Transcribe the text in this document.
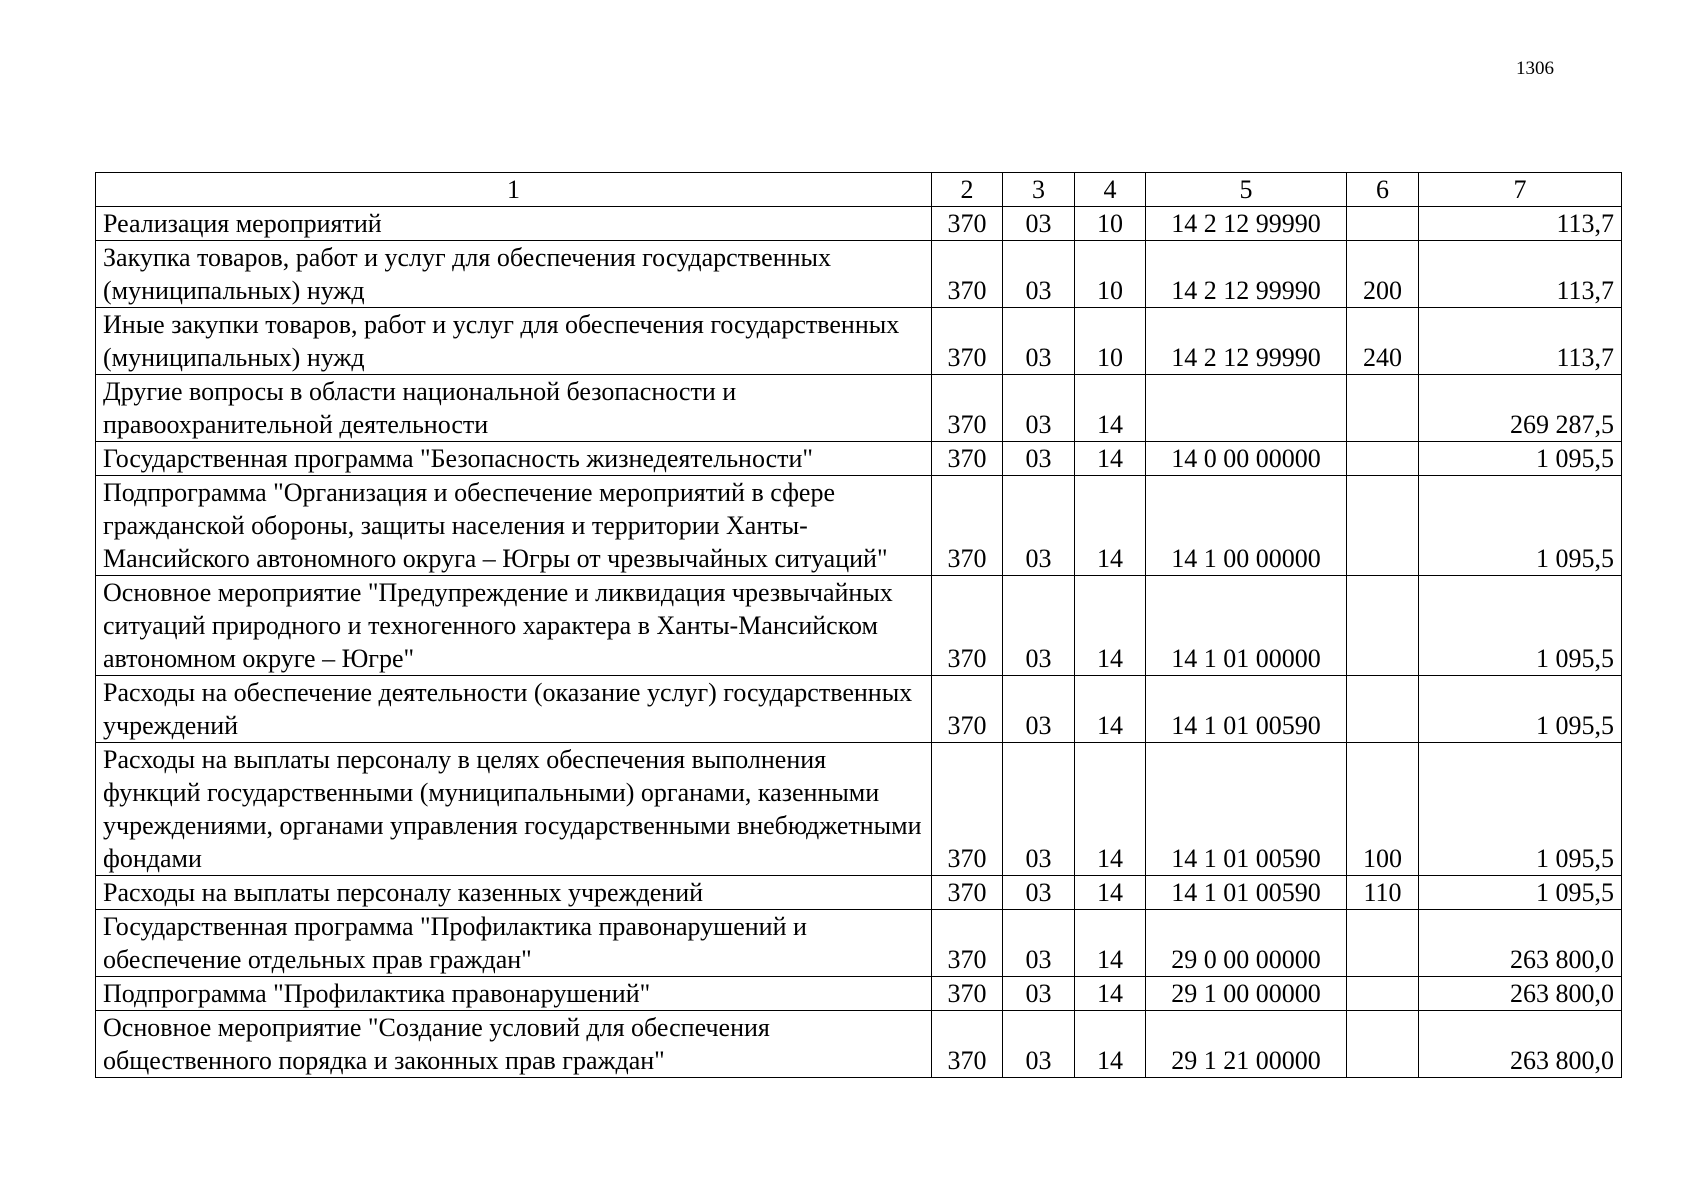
1306
1	2	3	4	5	6	7
Реализация мероприятий	370	03	10	14 2 12 99990		113,7
Закупка товаров, работ и услуг для обеспечения государственных (муниципальных) нужд	370	03	10	14 2 12 99990	200	113,7
Иные закупки товаров, работ и услуг для обеспечения государственных (муниципальных) нужд	370	03	10	14 2 12 99990	240	113,7
Другие вопросы в области национальной безопасности и правоохранительной деятельности	370	03	14			269 287,5
Государственная программа "Безопасность жизнедеятельности"	370	03	14	14 0 00 00000		1 095,5
Подпрограмма "Организация и обеспечение мероприятий в сфере гражданской обороны, защиты населения и территории Ханты-Мансийского автономного округа – Югры от чрезвычайных ситуаций"	370	03	14	14 1 00 00000		1 095,5
Основное мероприятие "Предупреждение и ликвидация чрезвычайных ситуаций природного и техногенного характера в Ханты-Мансийском автономном округе – Югре"	370	03	14	14 1 01 00000		1 095,5
Расходы на обеспечение деятельности (оказание услуг) государственных учреждений	370	03	14	14 1 01 00590		1 095,5
Расходы на выплаты персоналу в целях обеспечения выполнения функций государственными (муниципальными) органами, казенными учреждениями, органами управления государственными внебюджетными фондами	370	03	14	14 1 01 00590	100	1 095,5
Расходы на выплаты персоналу казенных учреждений	370	03	14	14 1 01 00590	110	1 095,5
Государственная программа "Профилактика правонарушений и обеспечение отдельных прав граждан"	370	03	14	29 0 00 00000		263 800,0
Подпрограмма "Профилактика правонарушений"	370	03	14	29 1 00 00000		263 800,0
Основное мероприятие "Создание условий для обеспечения общественного порядка и законных прав граждан"	370	03	14	29 1 21 00000		263 800,0
